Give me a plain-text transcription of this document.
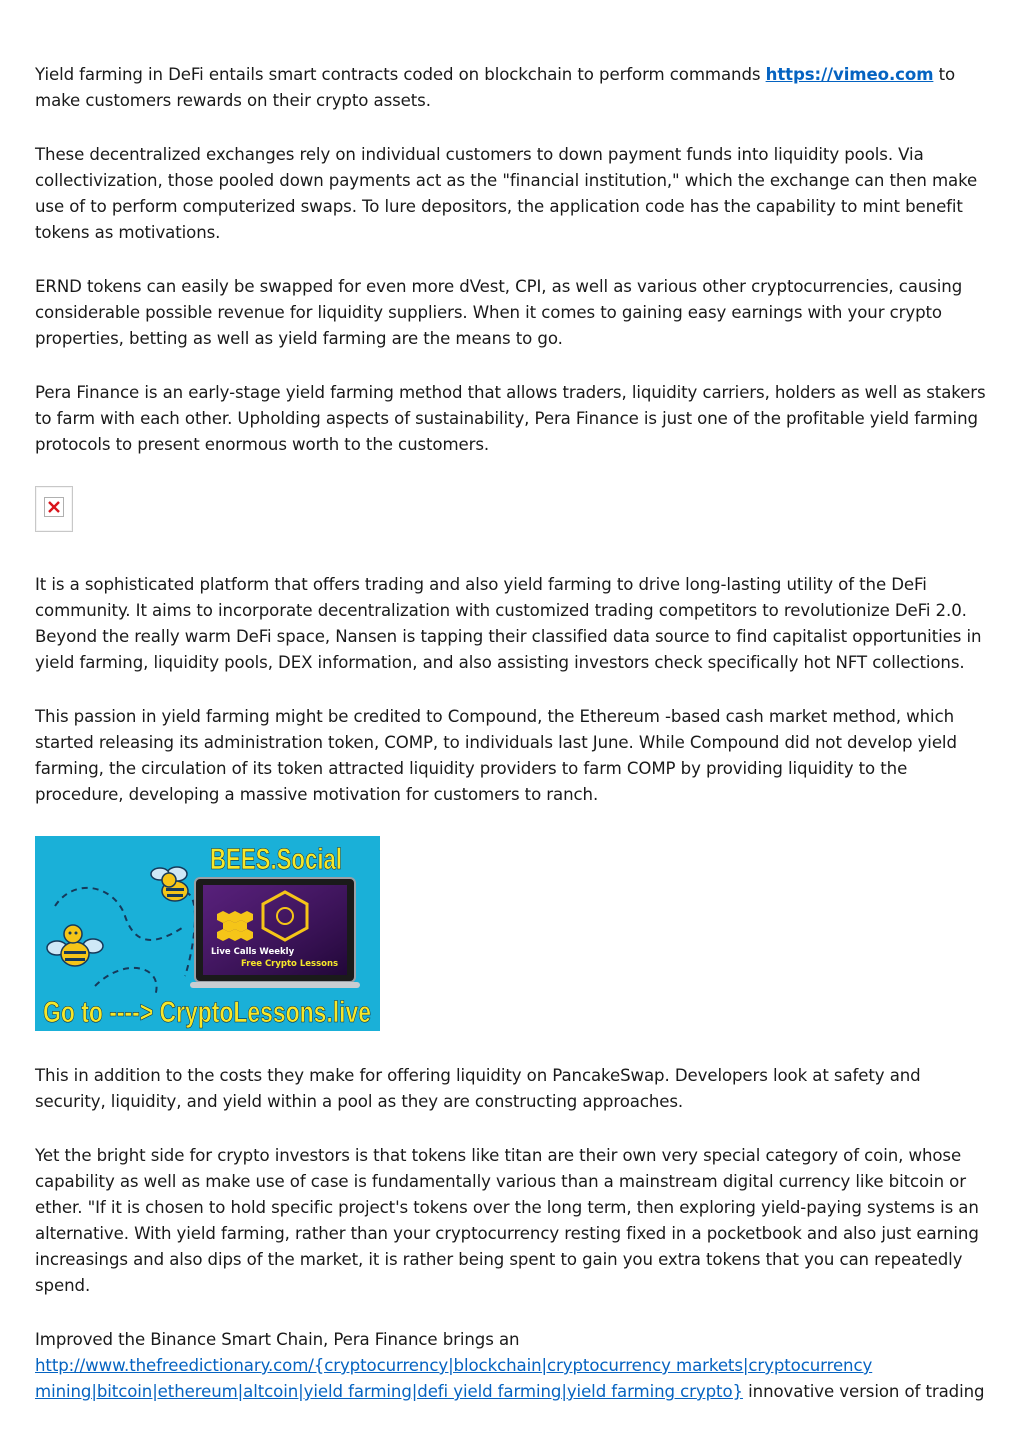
Yield farming in DeFi entails smart contracts coded on blockchain to perform commands https://vimeo.com to make customers rewards on their crypto assets.

These decentralized exchanges rely on individual customers to down payment funds into liquidity pools. Via collectivization, those pooled down payments act as the "financial institution," which the exchange can then make use of to perform computerized swaps. To lure depositors, the application code has the capability to mint benefit tokens as motivations.

ERND tokens can easily be swapped for even more dVest, CPI, as well as various other cryptocurrencies, causing considerable possible revenue for liquidity suppliers. When it comes to gaining easy earnings with your crypto properties, betting as well as yield farming are the means to go.

Pera Finance is an early-stage yield farming method that allows traders, liquidity carriers, holders as well as stakers to farm with each other. Upholding aspects of sustainability, Pera Finance is just one of the profitable yield farming protocols to present enormous worth to the customers.

It is a sophisticated platform that offers trading and also yield farming to drive long-lasting utility of the DeFi community. It aims to incorporate decentralization with customized trading competitors to revolutionize DeFi 2.0. Beyond the really warm DeFi space, Nansen is tapping their classified data source to find capitalist opportunities in yield farming, liquidity pools, DEX information, and also assisting investors check specifically hot NFT collections.

This passion in yield farming might be credited to Compound, the Ethereum -based cash market method, which started releasing its administration token, COMP, to individuals last June. While Compound did not develop yield farming, the circulation of its token attracted liquidity providers to farm COMP by providing liquidity to the procedure, developing a massive motivation for customers to ranch.

Live Calls Weekly
Free Crypto Lessons
BEES.Social
Go to ----> CryptoLessons.live

This in addition to the costs they make for offering liquidity on PancakeSwap. Developers look at safety and security, liquidity, and yield within a pool as they are constructing approaches.

Yet the bright side for crypto investors is that tokens like titan are their own very special category of coin, whose capability as well as make use of case is fundamentally various than a mainstream digital currency like bitcoin or ether. "If it is chosen to hold specific project's tokens over the long term, then exploring yield-paying systems is an alternative. With yield farming, rather than your cryptocurrency resting fixed in a pocketbook and also just earning increasings and also dips of the market, it is rather being spent to gain you extra tokens that you can repeatedly spend.

Improved the Binance Smart Chain, Pera Finance brings an http://www.thefreedictionary.com/{cryptocurrency|blockchain|cryptocurrency markets|cryptocurrency mining|bitcoin|ethereum|altcoin|yield farming|defi yield farming|yield farming crypto} innovative version of trading
